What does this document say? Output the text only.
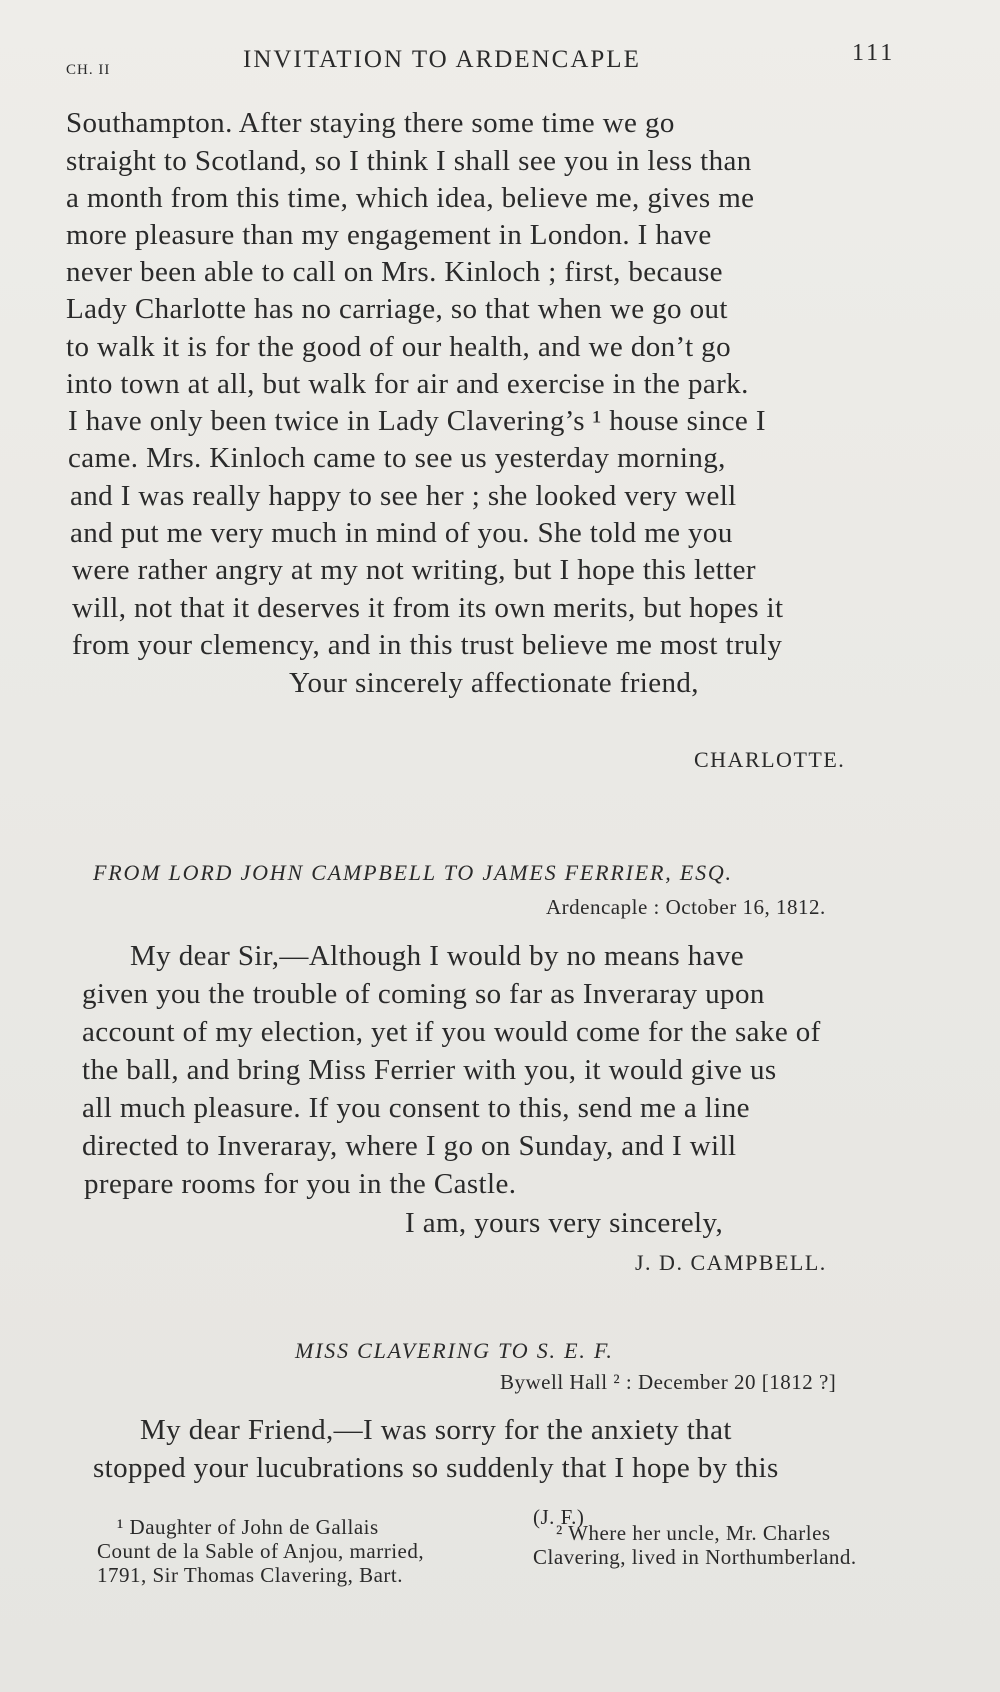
CH. II	INVITATION TO ARDENCAPLE	111
Southampton. After staying there some time we go
straight to Scotland, so I think I shall see you in less than
a month from this time, which idea, believe me, gives me
more pleasure than my engagement in London. I have
never been able to call on Mrs. Kinloch ; first, because
Lady Charlotte has no carriage, so that when we go out
to walk it is for the good of our health, and we don’t go
into town at all, but walk for air and exercise in the park.
I have only been twice in Lady Clavering’s ¹ house since I
came. Mrs. Kinloch came to see us yesterday morning,
and I was really happy to see her ; she looked very well
and put me very much in mind of you. She told me you
were rather angry at my not writing, but I hope this letter
will, not that it deserves it from its own merits, but hopes it
from your clemency, and in this trust believe me most truly
Your sincerely affectionate friend,
CHARLOTTE.
FROM LORD JOHN CAMPBELL TO JAMES FERRIER, ESQ.
Ardencaple : October 16, 1812.
My dear Sir,—Although I would by no means have
given you the trouble of coming so far as Inveraray upon
account of my election, yet if you would come for the sake of
the ball, and bring Miss Ferrier with you, it would give us
all much pleasure. If you consent to this, send me a line
directed to Inveraray, where I go on Sunday, and I will
prepare rooms for you in the Castle.
I am, yours very sincerely,
J. D. CAMPBELL.
MISS CLAVERING TO S. E. F.
Bywell Hall ² : December 20 [1812 ?]
My dear Friend,—I was sorry for the anxiety that
stopped your lucubrations so suddenly that I hope by this
¹ Daughter of John de Gallais
Count de la Sable of Anjou, married,
1791, Sir Thomas Clavering, Bart.
(J. F.)
² Where her uncle, Mr. Charles
Clavering, lived in Northumberland.
